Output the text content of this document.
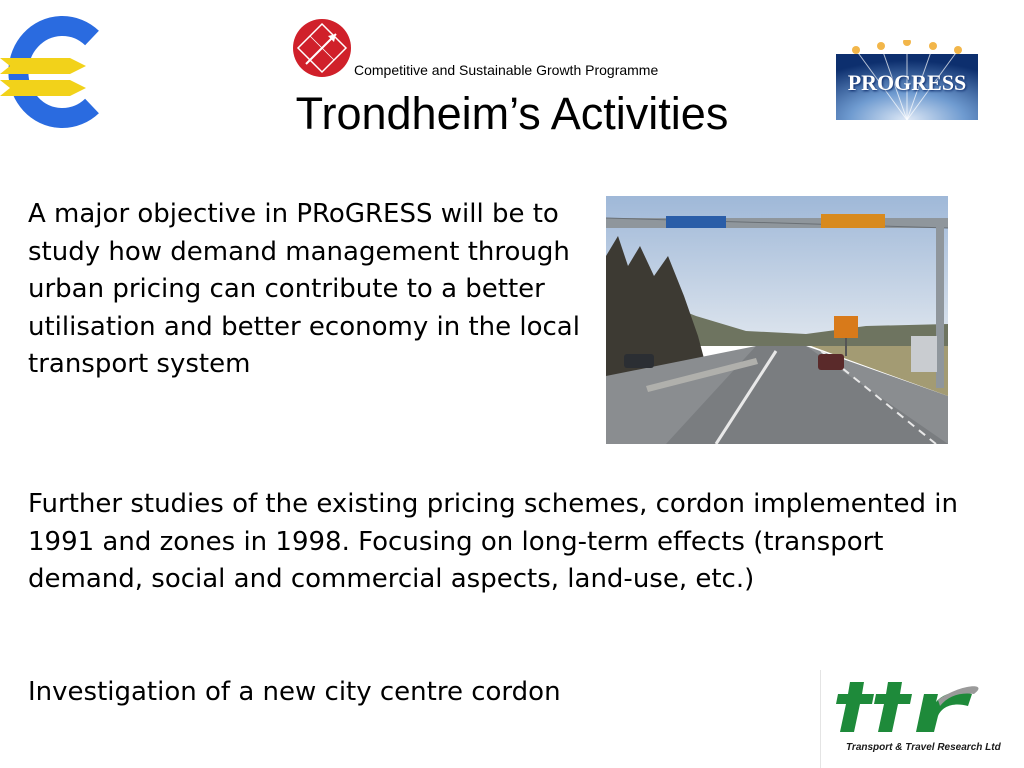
Competitive and Sustainable Growth Programme
Trondheim’s Activities
PROGRESS
A major objective in PRoGRESS will be to study how demand management through urban pricing can contribute to a better utilisation and better economy in the local transport system
Further studies of the existing pricing schemes, cordon implemented in 1991 and zones in 1998. Focusing on long-term effects (transport demand, social and commercial aspects, land-use, etc.)
Investigation of a new city centre cordon
Transport & Travel Research Ltd
